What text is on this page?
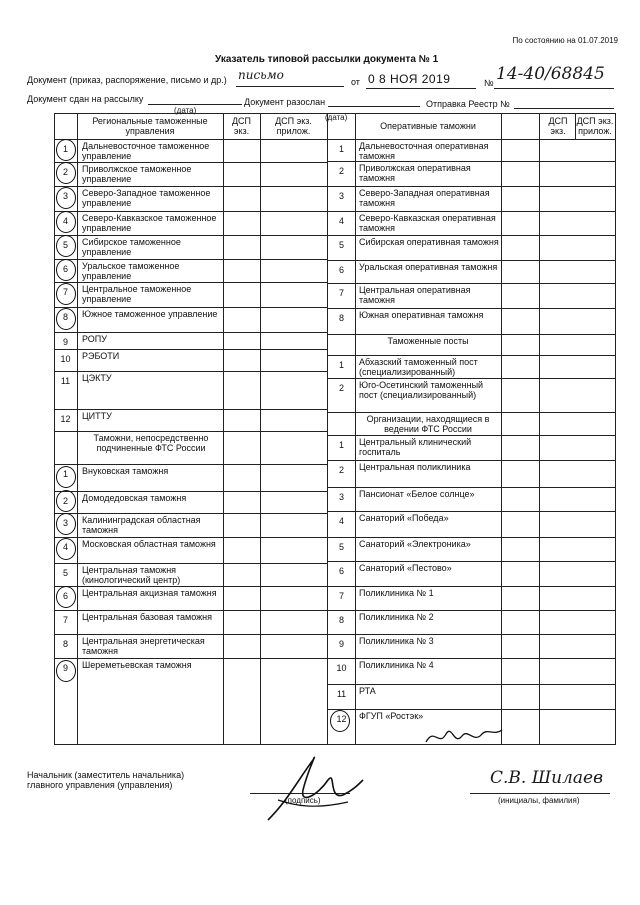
По состоянию на 01.07.2019
Указатель типовой рассылки документа № 1
Документ (приказ, распоряжение, письмо и др.) письмо	от 0 8 НОЯ 2019	№ 14-40/68845
Документ сдан на рассылку	Документ разослан	Отправка Реестр №
(дата)
(дата)
Региональные таможенные управления
ДСП экз.
ДСП экз. прилож.	Оперативные таможни	ДСП экз.
ДСП экз. прилож.
1	Дальневосточное таможенное управление
2	Приволжское таможенное управление
3	Северо-Западное таможенное управление
4	Северо-Кавказское таможенное управление
5	Сибирское таможенное управление
6	Уральское таможенное управление
7	Центральное таможенное управление
8	Южное таможенное управление
9	РОПУ
10	РЭБОТИ
11	ЦЭКТУ
12	ЦИТТУ
Таможни, непосредственно подчиненные ФТС России
1	Внуковская таможня
2	Домодедовская таможня
3	Калининградская областная таможня
4	Московская областная таможня
5	Центральная таможня (кинологический центр)
6	Центральная акцизная таможня
7	Центральная базовая таможня
8	Центральная энергетическая таможня
9	Шереметьевская таможня
1	Дальневосточная оперативная таможня
2	Приволжская оперативная таможня
3	Северо-Западная оперативная таможня
4	Северо-Кавказская оперативная таможня
5	Сибирская оперативная таможня
6	Уральская оперативная таможня
7	Центральная оперативная таможня
8	Южная оперативная таможня
Таможенные посты
1	Абхазский таможенный пост (специализированный)
2	Юго-Осетинский таможенный пост (специализированный)
Организации, находящиеся в ведении ФТС России
1	Центральный клинический госпиталь
2	Центральная поликлиника
3	Пансионат «Белое солнце»
4	Санаторий «Победа»
5	Санаторий «Электроника»
6	Санаторий «Пестово»
7	Поликлиника № 1
8	Поликлиника № 2
9	Поликлиника № 3
10	Поликлиника № 4
11	РТА
12	ФГУП «Ростэк»
Начальник (заместитель начальника) главного управления (управления)
(подпись)	(инициалы, фамилия)
С.В. Шилаев
